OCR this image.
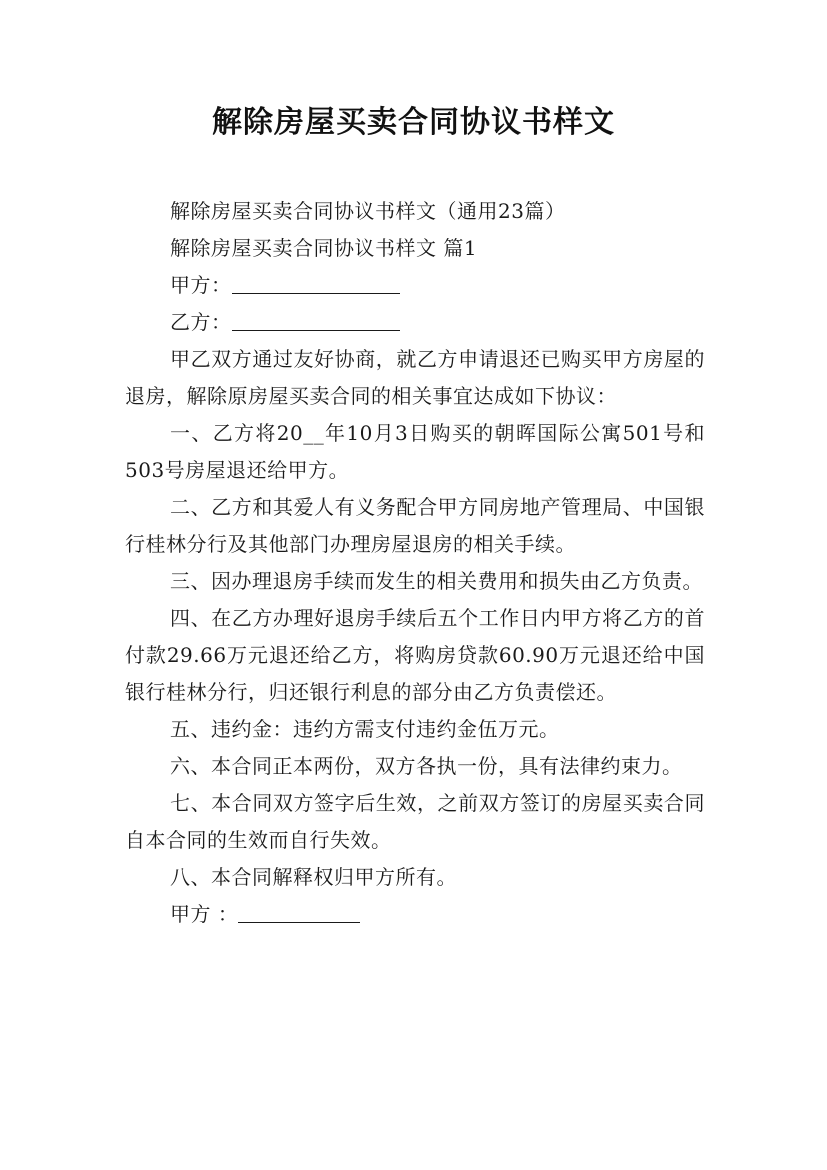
解除房屋买卖合同协议书样文

解除房屋买卖合同协议书样文（通用23篇）

解除房屋买卖合同协议书样文 篇1

甲方：

乙方：

甲乙双方通过友好协商，就乙方申请退还已购买甲方房屋的退房，解除原房屋买卖合同的相关事宜达成如下协议：

一、乙方将20__年10月3日购买的朝晖国际公寓501号和503号房屋退还给甲方。

二、乙方和其爱人有义务配合甲方同房地产管理局、中国银行桂林分行及其他部门办理房屋退房的相关手续。

三、因办理退房手续而发生的相关费用和损失由乙方负责。

四、在乙方办理好退房手续后五个工作日内甲方将乙方的首付款29.66万元退还给乙方，将购房贷款60.90万元退还给中国银行桂林分行，归还银行利息的部分由乙方负责偿还。

五、违约金：违约方需支付违约金伍万元。

六、本合同正本两份，双方各执一份，具有法律约束力。

七、本合同双方签字后生效，之前双方签订的房屋买卖合同自本合同的生效而自行失效。

八、本合同解释权归甲方所有。

甲方 ：
